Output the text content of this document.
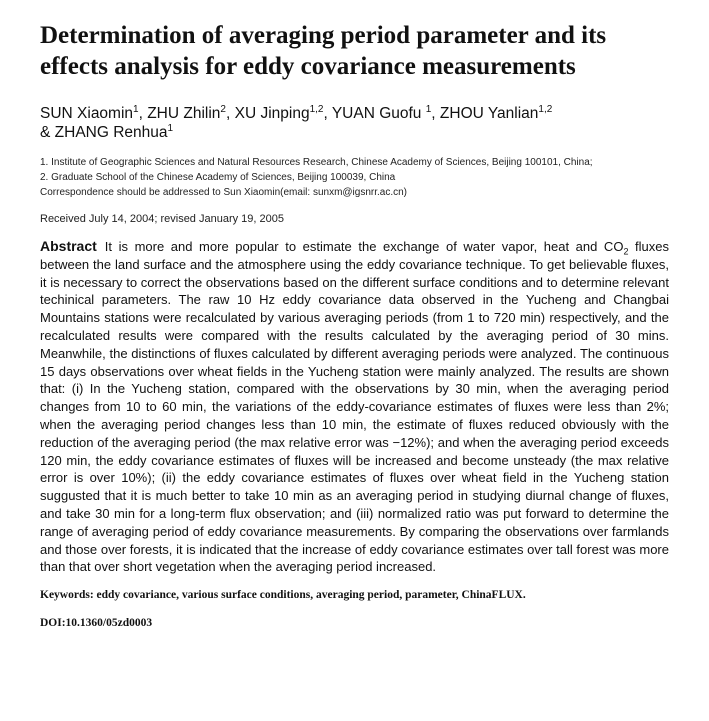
Determination of averaging period parameter and its effects analysis for eddy covariance measurements
SUN Xiaomin$^1$, ZHU Zhilin$^2$, XU Jinping$^{1,2}$, YUAN Guofu $^1$, ZHOU Yanlian$^{1,2}$
& ZHANG Renhua$^1$
1. Institute of Geographic Sciences and Natural Resources Research, Chinese Academy of Sciences, Beijing 100101, China;
2. Graduate School of the Chinese Academy of Sciences, Beijing 100039, China
Correspondence should be addressed to Sun Xiaomin(email: sunxm@igsnrr.ac.cn)
Received July 14, 2004; revised January 19, 2005
Abstract It is more and more popular to estimate the exchange of water vapor, heat and $CO_2$ fluxes between the land surface and the atmosphere using the eddy covariance technique. To get believable fluxes, it is necessary to correct the observations based on the different surface conditions and to determine relevant techinical parameters. The raw 10 Hz eddy covariance data observed in the Yucheng and Changbai Mountains stations were recalculated by various averaging periods (from 1 to 720 min) respectively, and the recalculated results were compared with the results calculated by the averaging period of 30 mins. Meanwhile, the distinctions of fluxes calculated by different averaging periods were analyzed. The continuous 15 days observations over wheat fields in the Yucheng station were mainly analyzed. The results are shown that: (i) In the Yucheng station, compared with the observations by 30 min, when the averaging period changes from 10 to 60 min, the variations of the eddy-covariance estimates of fluxes were less than 2%; when the averaging period changes less than 10 min, the estimate of fluxes reduced obviously with the reduction of the averaging period (the max relative error was −12%); and when the averaging period exceeds 120 min, the eddy covariance estimates of fluxes will be increased and become unsteady (the max relative error is over 10%); (ii) the eddy covariance estimates of fluxes over wheat field in the Yucheng station suggusted that it is much better to take 10 min as an averaging period in studying diurnal change of fluxes, and take 30 min for a long-term flux observation; and (iii) normalized ratio was put forward to determine the range of averaging period of eddy covariance measurements. By comparing the observations over farmlands and those over forests, it is indicated that the increase of eddy covariance estimates over tall forest was more than that over short vegetation when the averaging period increased.
Keywords: eddy covariance, various surface conditions, averaging period, parameter, ChinaFLUX.
DOI:10.1360/05zd0003
